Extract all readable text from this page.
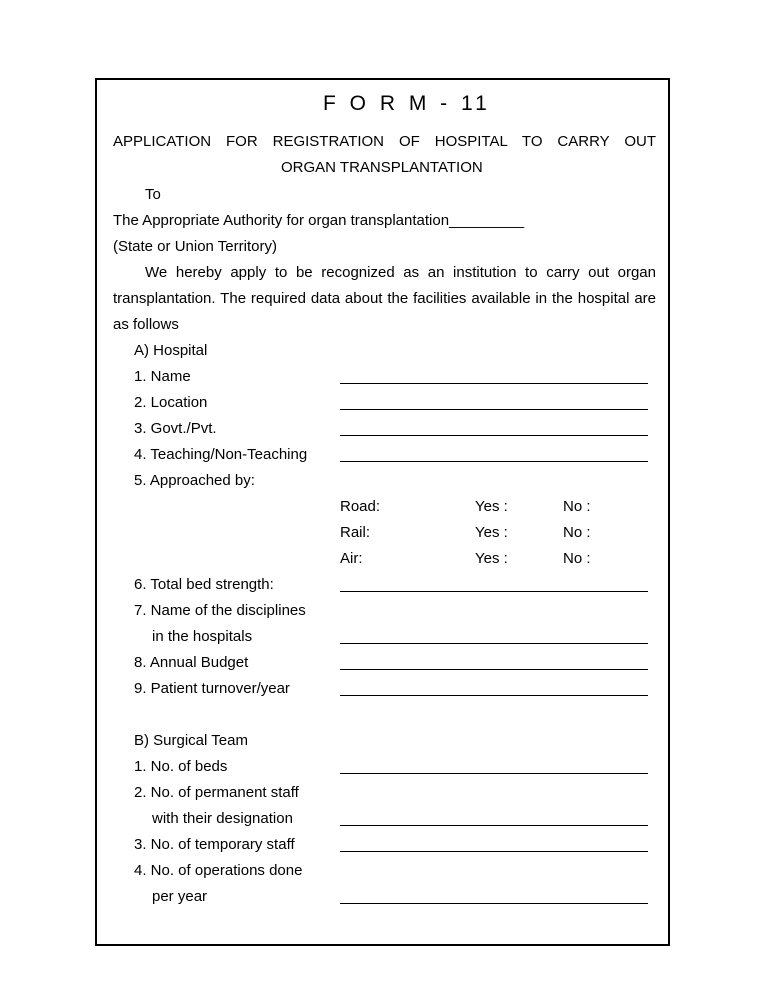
F O R M - 11
APPLICATION FOR REGISTRATION OF HOSPITAL TO CARRY OUT
ORGAN TRANSPLANTATION
To
The Appropriate Authority for organ transplantation_________
(State or Union Territory)
We hereby apply to be recognized as an institution to carry out organ
transplantation. The required data about the facilities available in the hospital are
as follows
A) Hospital
1. Name
2. Location
3. Govt./Pvt.
4. Teaching/Non-Teaching
5. Approached by:
Road:	Yes :	No :
Rail:	Yes :	No :
Air:	Yes :	No :
6. Total bed strength:
7. Name of the disciplines
in the hospitals
8. Annual Budget
9. Patient turnover/year
B) Surgical Team
1. No. of beds
2. No. of permanent staff
with their designation
3. No. of temporary staff
4. No. of operations done
per year
